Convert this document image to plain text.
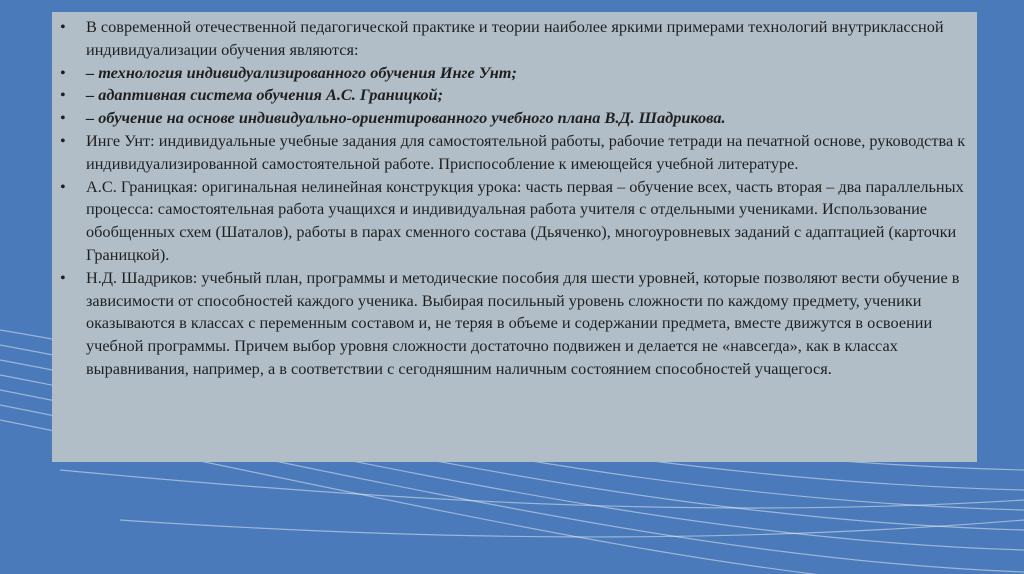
•	В современной отечественной педагогической практике и теории наиболее яркими примерами технологий внутриклассной индивидуализации обучения являются:
•	– технология индивидуализированного обучения Инге Унт;
•	– адаптивная система обучения А.С. Границкой;
•	– обучение на основе индивидуально-ориентированного учебного плана В.Д. Шадрикова.
•	Инге Унт: индивидуальные учебные задания для самостоятельной работы, рабочие тетради на печатной основе, руководства к индивидуализированной самостоятельной работе. Приспособление к имеющейся учебной литературе.
•	А.С. Границкая: оригинальная нелинейная конструкция урока: часть первая – обучение всех, часть вторая – два параллельных процесса: самостоятельная работа учащихся и индивидуальная работа учителя с отдельными учениками. Использование обобщенных схем (Шаталов), работы в парах сменного состава (Дьяченко), многоуровневых заданий с адаптацией (карточки Границкой).
•	Н.Д. Шадриков: учебный план, программы и методические пособия для шести уровней, которые позволяют вести обучение в зависимости от способностей каждого ученика. Выбирая посильный уровень сложности по каждому предмету, ученики оказываются в классах с переменным составом и, не теряя в объеме и содержании предмета, вместе движутся в освоении учебной программы. Причем выбор уровня сложности достаточно подвижен и делается не «навсегда», как в классах выравнивания, например, а в соответствии с сегодняшним наличным состоянием способностей учащегося.
